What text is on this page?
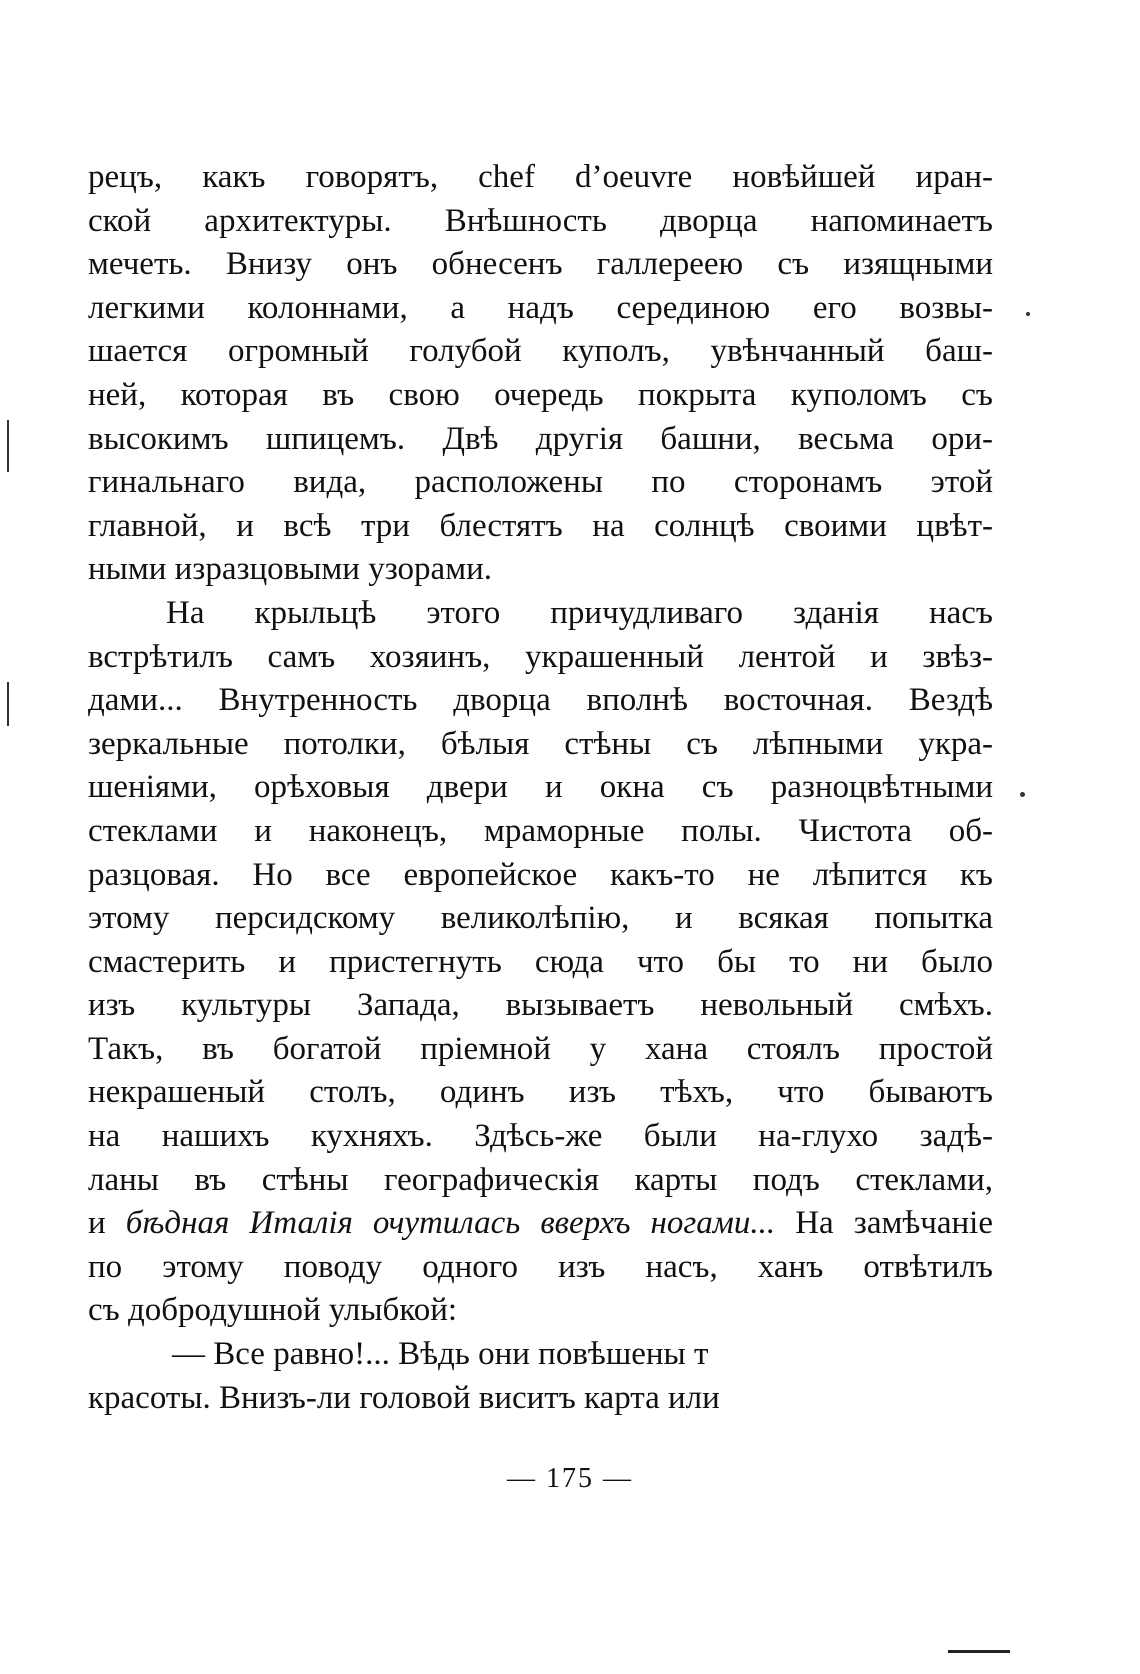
рецъ, какъ говорятъ, chef d’oeuvre новѣйшей иран-
ской архитектуры. Внѣшность дворца напоминаетъ
мечеть. Внизу онъ обнесенъ галлереею съ изящными
легкими колоннами, а надъ серединою его возвы-
шается огромный голубой куполъ, увѣнчанный баш-
ней, которая въ свою очередь покрыта куполомъ съ
высокимъ шпицемъ. Двѣ другія башни, весьма ори-
гинальнаго вида, расположены по сторонамъ этой
главной, и всѣ три блестятъ на солнцѣ своими цвѣт-
ными изразцовыми узорами.
На крыльцѣ этого причудливаго зданія насъ
встрѣтилъ самъ хозяинъ, украшенный лентой и звѣз-
дами... Внутренность дворца вполнѣ восточная. Вездѣ
зеркальные потолки, бѣлыя стѣны съ лѣпными укра-
шеніями, орѣховыя двери и окна съ разноцвѣтными
стеклами и наконецъ, мраморные полы. Чистота об-
разцовая. Но все европейское какъ-то не лѣпится къ
этому персидскому великолѣпію, и всякая попытка
смастерить и пристегнуть сюда что бы то ни было
изъ культуры Запада, вызываетъ невольный смѣхъ.
Такъ, въ богатой пріемной у хана стоялъ простой
некрашеный столъ, одинъ изъ тѣхъ, что бываютъ
на нашихъ кухняхъ. Здѣсь-же были на-глухо задѣ-
ланы въ стѣны географическія карты подъ стеклами,
и бѣдная Италія очутилась вверхъ ногами... На замѣчаніе
по этому поводу одного изъ насъ, ханъ отвѣтилъ
съ добродушной улыбкой:
— Все равно!... Вѣдь они повѣшены т
красоты. Внизъ-ли головой виситъ карта или
— 175 —
